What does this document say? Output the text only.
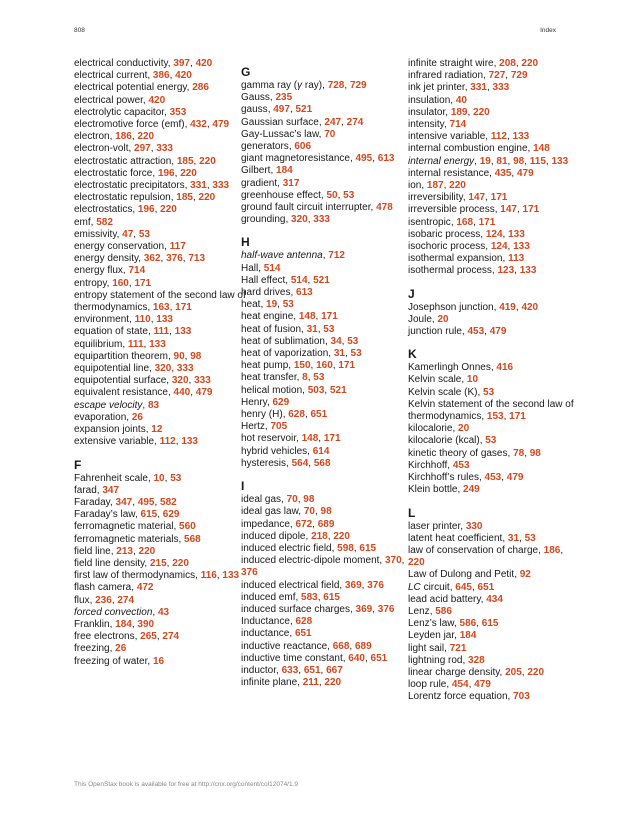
808	Index
electrical conductivity, 397, 420
electrical current, 386, 420
electrical potential energy, 286
electrical power, 420
electrolytic capacitor, 353
electromotive force (emf), 432, 479
electron, 186, 220
electron-volt, 297, 333
electrostatic attraction, 185, 220
electrostatic force, 196, 220
electrostatic precipitators, 331, 333
electrostatic repulsion, 185, 220
electrostatics, 196, 220
emf, 582
emissivity, 47, 53
energy conservation, 117
energy density, 362, 376, 713
energy flux, 714
entropy, 160, 171
entropy statement of the second law of thermodynamics, 163, 171
environment, 110, 133
equation of state, 111, 133
equilibrium, 111, 133
equipartition theorem, 90, 98
equipotential line, 320, 333
equipotential surface, 320, 333
equivalent resistance, 440, 479
escape velocity, 83
evaporation, 26
expansion joints, 12
extensive variable, 112, 133
F
Fahrenheit scale, 10, 53
farad, 347
Faraday, 347, 495, 582
Faraday’s law, 615, 629
ferromagnetic material, 560
ferromagnetic materials, 568
field line, 213, 220
field line density, 215, 220
first law of thermodynamics, 116, 133
flash camera, 472
flux, 236, 274
forced convection, 43
Franklin, 184, 390
free electrons, 265, 274
freezing, 26
freezing of water, 16
G
gamma ray (γ ray), 728, 729
Gauss, 235
gauss, 497, 521
Gaussian surface, 247, 274
Gay-Lussac’s law, 70
generators, 606
giant magnetoresistance, 495, 613
Gilbert, 184
gradient, 317
greenhouse effect, 50, 53
ground fault circuit interrupter, 478
grounding, 320, 333
H
half-wave antenna, 712
Hall, 514
Hall effect, 514, 521
hard drives, 613
heat, 19, 53
heat engine, 148, 171
heat of fusion, 31, 53
heat of sublimation, 34, 53
heat of vaporization, 31, 53
heat pump, 150, 160, 171
heat transfer, 8, 53
helical motion, 503, 521
Henry, 629
henry (H), 628, 651
Hertz, 705
hot reservoir, 148, 171
hybrid vehicles, 614
hysteresis, 564, 568
I
ideal gas, 70, 98
ideal gas law, 70, 98
impedance, 672, 689
induced dipole, 218, 220
induced electric field, 598, 615
induced electric-dipole moment, 370, 376
induced electrical field, 369, 376
induced emf, 583, 615
induced surface charges, 369, 376
Inductance, 628
inductance, 651
inductive reactance, 668, 689
inductive time constant, 640, 651
inductor, 633, 651, 667
infinite plane, 211, 220
infinite straight wire, 208, 220
infrared radiation, 727, 729
ink jet printer, 331, 333
insulation, 40
insulator, 189, 220
intensity, 714
intensive variable, 112, 133
internal combustion engine, 148
internal energy, 19, 81, 98, 115, 133
internal resistance, 435, 479
ion, 187, 220
irreversibility, 147, 171
irreversible process, 147, 171
isentropic, 168, 171
isobaric process, 124, 133
isochoric process, 124, 133
isothermal expansion, 113
isothermal process, 123, 133
J
Josephson junction, 419, 420
Joule, 20
junction rule, 453, 479
K
Kamerlingh Onnes, 416
Kelvin scale, 10
Kelvin scale (K), 53
Kelvin statement of the second law of thermodynamics, 153, 171
kilocalorie, 20
kilocalorie (kcal), 53
kinetic theory of gases, 78, 98
Kirchhoff, 453
Kirchhoff’s rules, 453, 479
Klein bottle, 249
L
laser printer, 330
latent heat coefficient, 31, 53
law of conservation of charge, 186, 220
Law of Dulong and Petit, 92
LC circuit, 645, 651
lead acid battery, 434
Lenz, 586
Lenz’s law, 586, 615
Leyden jar, 184
light sail, 721
lightning rod, 328
linear charge density, 205, 220
loop rule, 454, 479
Lorentz force equation, 703
This OpenStax book is available for free at http://cnx.org/content/col12074/1.9
